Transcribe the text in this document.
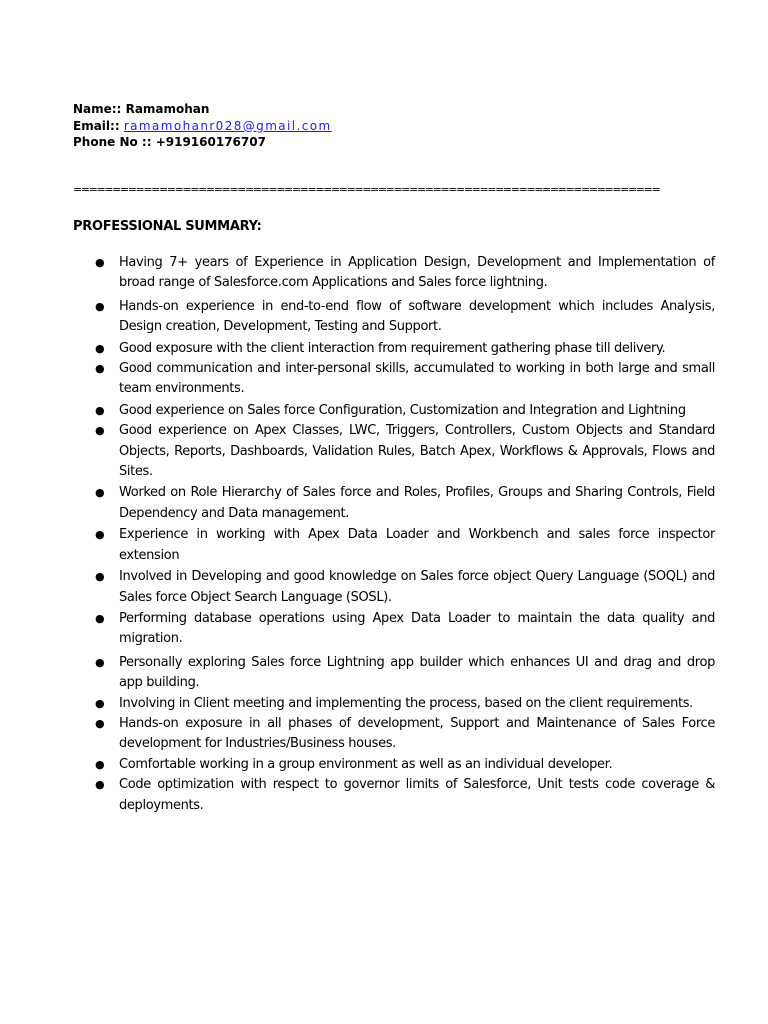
Name:: Ramamohan
Email:: ramamohanr028@gmail.com
Phone No :: +919160176707
===========================================================================
PROFESSIONAL SUMMARY:
● Having 7+ years of Experience in Application Design, Development and Implementation of broad range of Salesforce.com Applications and Sales force lightning.
● Hands-on experience in end-to-end flow of software development which includes Analysis, Design creation, Development, Testing and Support.
● Good exposure with the client interaction from requirement gathering phase till delivery.
● Good communication and inter-personal skills, accumulated to working in both large and small team environments.
● Good experience on Sales force Configuration, Customization and Integration and Lightning
● Good experience on Apex Classes, LWC, Triggers, Controllers, Custom Objects and Standard Objects, Reports, Dashboards, Validation Rules, Batch Apex, Workflows & Approvals, Flows and Sites.
● Worked on Role Hierarchy of Sales force and Roles, Profiles, Groups and Sharing Controls, Field Dependency and Data management.
● Experience in working with Apex Data Loader and Workbench and sales force inspector extension
● Involved in Developing and good knowledge on Sales force object Query Language (SOQL) and Sales force Object Search Language (SOSL).
● Performing database operations using Apex Data Loader to maintain the data quality and migration.
● Personally exploring Sales force Lightning app builder which enhances UI and drag and drop app building.
● Involving in Client meeting and implementing the process, based on the client requirements.
● Hands-on exposure in all phases of development, Support and Maintenance of Sales Force development for Industries/Business houses.
● Comfortable working in a group environment as well as an individual developer.
● Code optimization with respect to governor limits of Salesforce, Unit tests code coverage & deployments.
